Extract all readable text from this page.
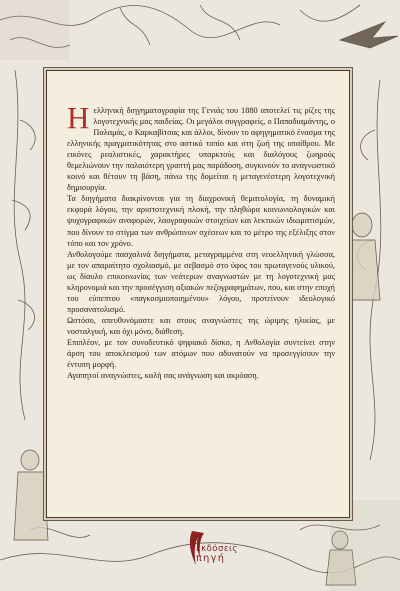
Ηελληνική διηγηματογραφία της Γενιάς του 1880 αποτελεί τις ρίζες της λογοτεχνικής μας παιδείας. Οι μεγάλοι συγγραφείς, ο Παπαδιαμάντης, ο Παλαμάς, ο Καρκαβίτσας και άλλοι, δίνουν το αφηγηματικό ένασμα της ελληνικής πραγματικότητας στο αστικό τοπίο και στη ζωή της υπαίθρου. Με εικόνες ρεαλιστικές, χαρακτήρες υπαρκτούς και διαλόγους ζωηρούς θεμελιώνουν την παλαιότερη γραπτή μας παράδοση, συγκινούν το αναγνωστικό κοινό και θέτουν τη βάση, πάνω της δομείται η μεταγενέστερη λογοτεχνική δημιουργία.

Τα διηγήματα διακρίνονται για τη διαχρονική θεματολογία, τη δυναμική εκφορά λόγου, την αριστοτεχνική πλοκή, την πληθώρα κοινωνιολογικών και ψυχογραφικών αναφορών, λαογραφικών στοιχείων και λεκτικών ιδιωματισμών, που δίνουν το στίγμα των ανθρώπινων σχέσεων και το μέτρο της εξέλιξης στον τόπο και τον χρόνο.

Ανθολογούμε πασχαλινά διηγήματα, μεταγραμμένα στη νεοελληνική γλώσσα, με τον απαραίτητο σχολιασμό, με σεβασμό στο ύφος του πρωτογενούς υλικού, ως δίαυλο επικοινωνίας των νεότερων αναγνωστών με τη λογοτεχνική μας κληρονομιά και την προσέγγιση αξιακών πεζογραφημάτων, που, και στην εποχή του εύπεπτου «παγκοσμιοποιημένου» λόγου, προτείνουν ιδεολογικό προσανατολισμό.

Ωστόσο, απευθυνόμαστε και στους αναγνώστες της ώριμης ηλικίας, με νοσταλγική, και όχι μόνο, διάθεση.

Επιπλέον, με τον συνοδευτικό ψηφιακό δίσκο, η Ανθολογία συντείνει στην άρση του αποκλεισμού των ατόμων που αδυνατούν να προσεγγίσουν την έντυπη μορφή.

Αγαπητοί αναγνώστες, καλή σας ανάγνωση και ακρόαση.

εκδόσεις
πηγή
